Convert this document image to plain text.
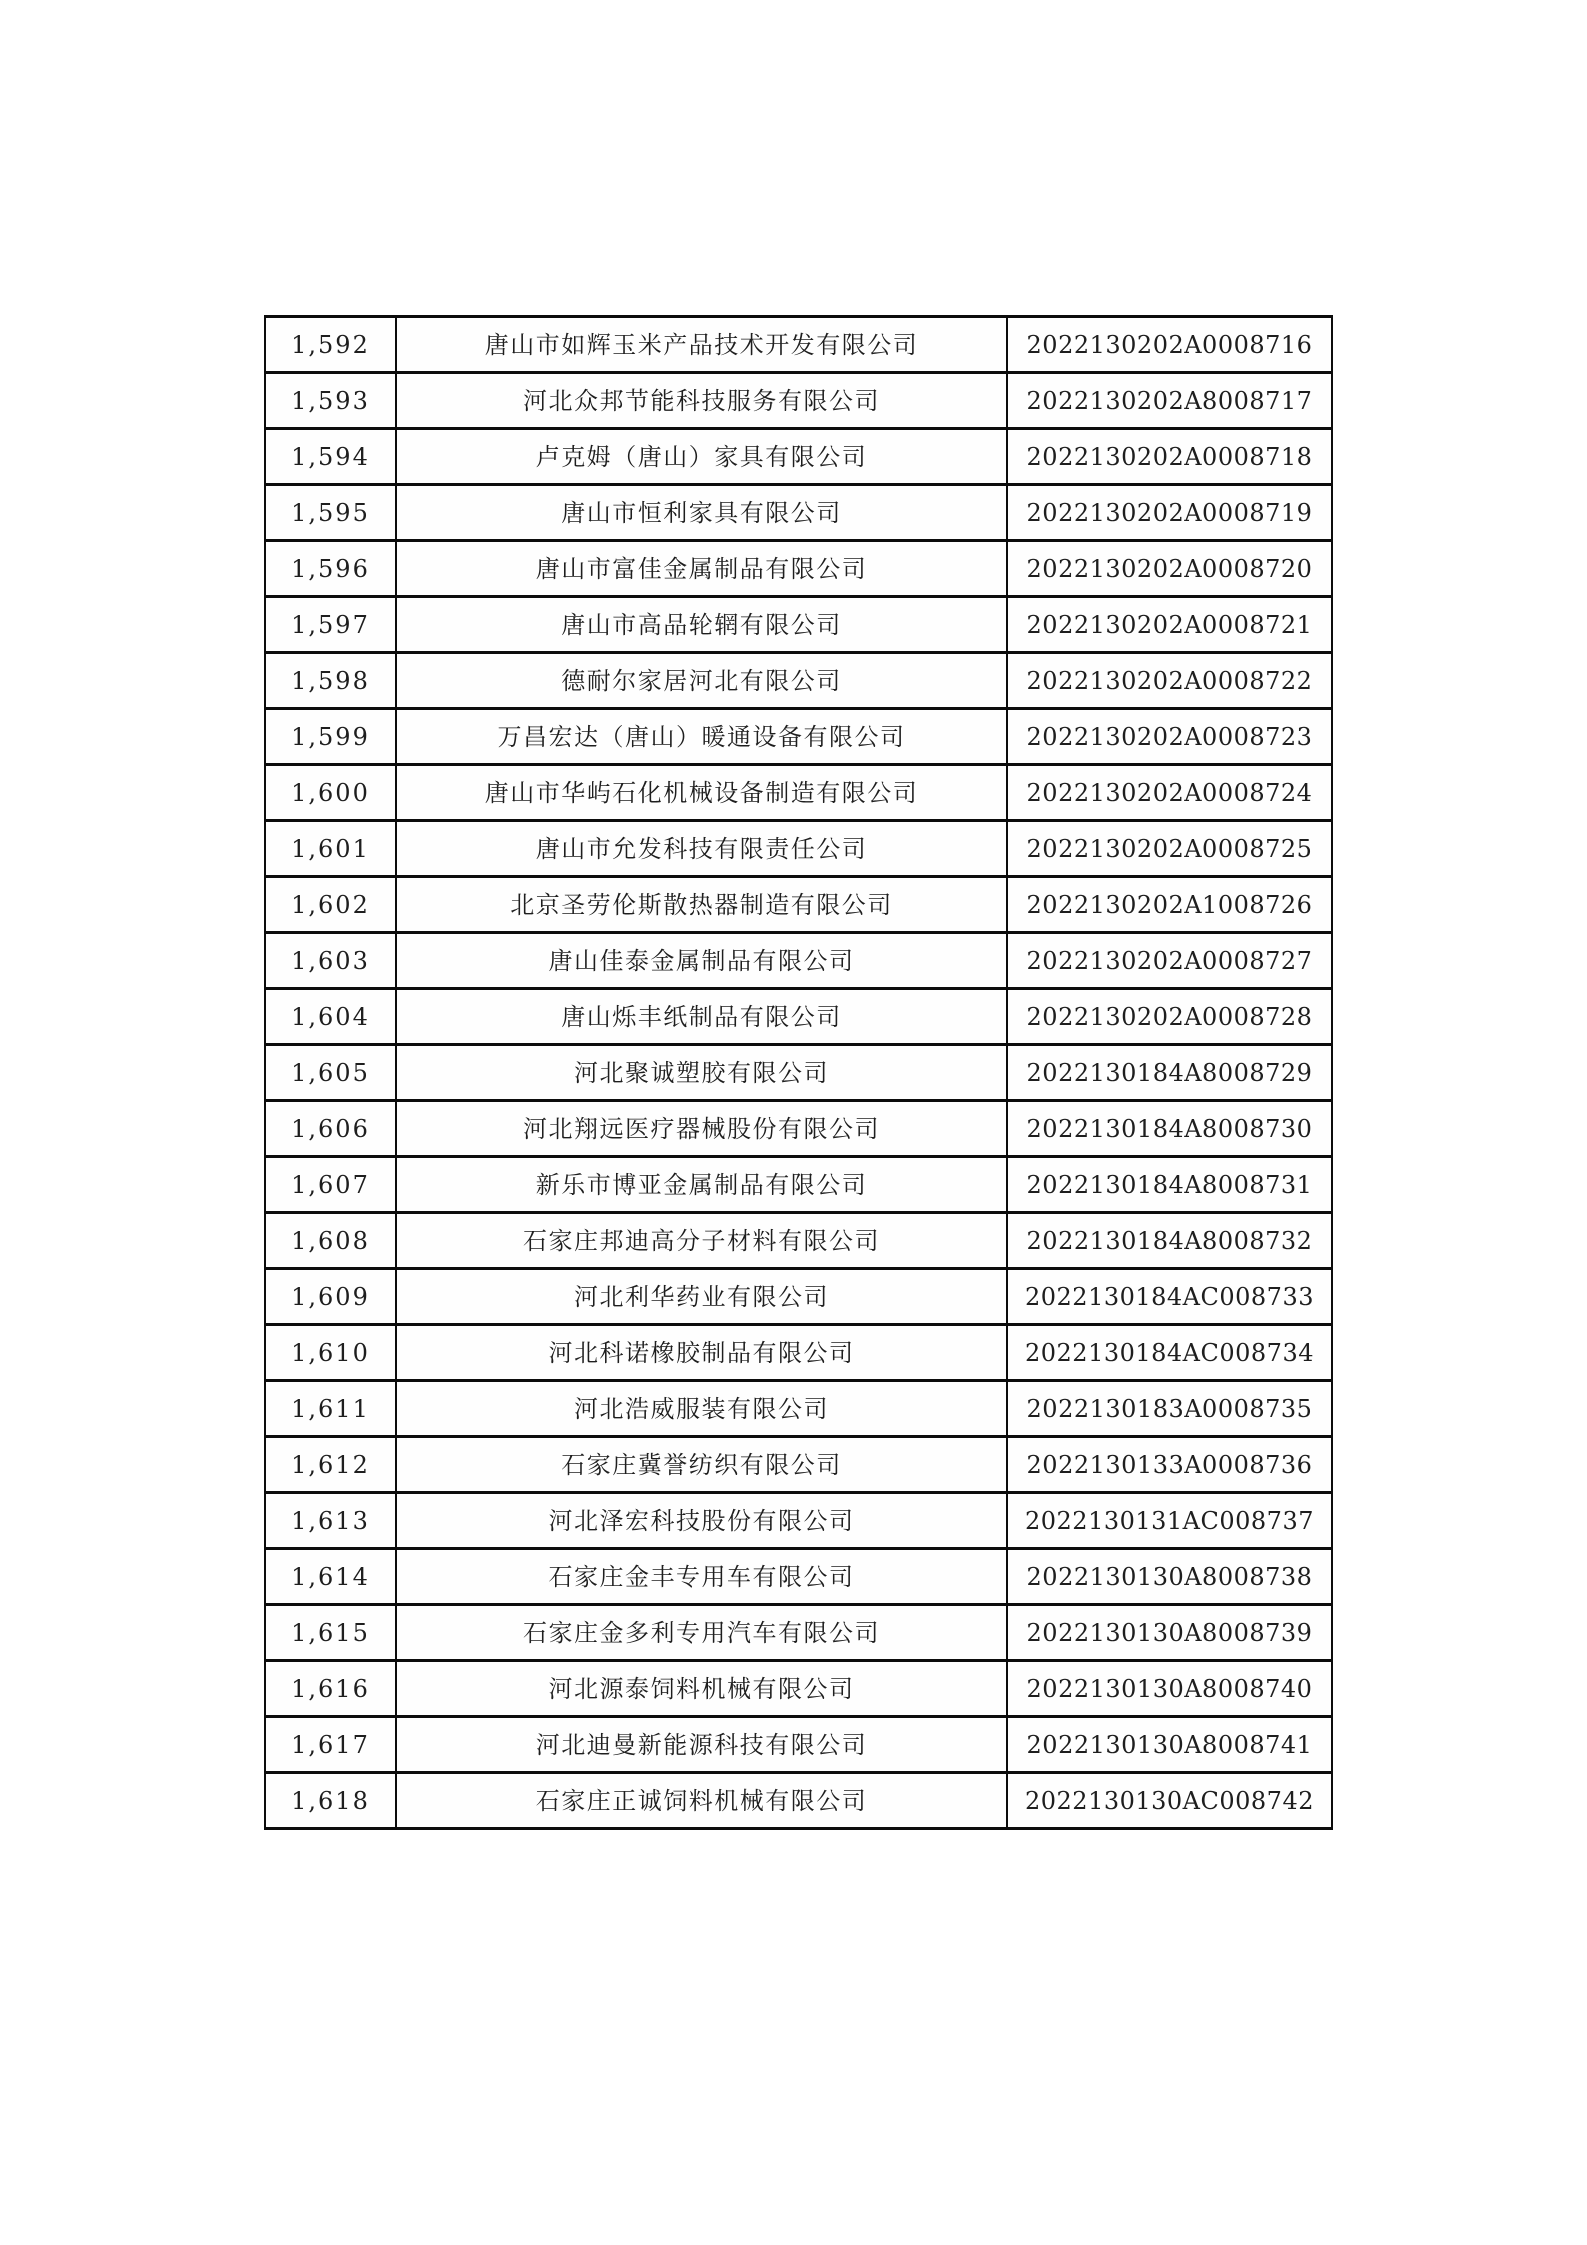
1,592	唐山市如辉玉米产品技术开发有限公司	2022130202A0008716
1,593	河北众邦节能科技服务有限公司	2022130202A8008717
1,594	卢克姆（唐山）家具有限公司	2022130202A0008718
1,595	唐山市恒利家具有限公司	2022130202A0008719
1,596	唐山市富佳金属制品有限公司	2022130202A0008720
1,597	唐山市高品轮辋有限公司	2022130202A0008721
1,598	德耐尔家居河北有限公司	2022130202A0008722
1,599	万昌宏达（唐山）暖通设备有限公司	2022130202A0008723
1,600	唐山市华屿石化机械设备制造有限公司	2022130202A0008724
1,601	唐山市允发科技有限责任公司	2022130202A0008725
1,602	北京圣劳伦斯散热器制造有限公司	2022130202A1008726
1,603	唐山佳泰金属制品有限公司	2022130202A0008727
1,604	唐山烁丰纸制品有限公司	2022130202A0008728
1,605	河北聚诚塑胶有限公司	2022130184A8008729
1,606	河北翔远医疗器械股份有限公司	2022130184A8008730
1,607	新乐市博亚金属制品有限公司	2022130184A8008731
1,608	石家庄邦迪高分子材料有限公司	2022130184A8008732
1,609	河北利华药业有限公司	2022130184AC008733
1,610	河北科诺橡胶制品有限公司	2022130184AC008734
1,611	河北浩威服装有限公司	2022130183A0008735
1,612	石家庄冀誉纺织有限公司	2022130133A0008736
1,613	河北泽宏科技股份有限公司	2022130131AC008737
1,614	石家庄金丰专用车有限公司	2022130130A8008738
1,615	石家庄金多利专用汽车有限公司	2022130130A8008739
1,616	河北源泰饲料机械有限公司	2022130130A8008740
1,617	河北迪曼新能源科技有限公司	2022130130A8008741
1,618	石家庄正诚饲料机械有限公司	2022130130AC008742
